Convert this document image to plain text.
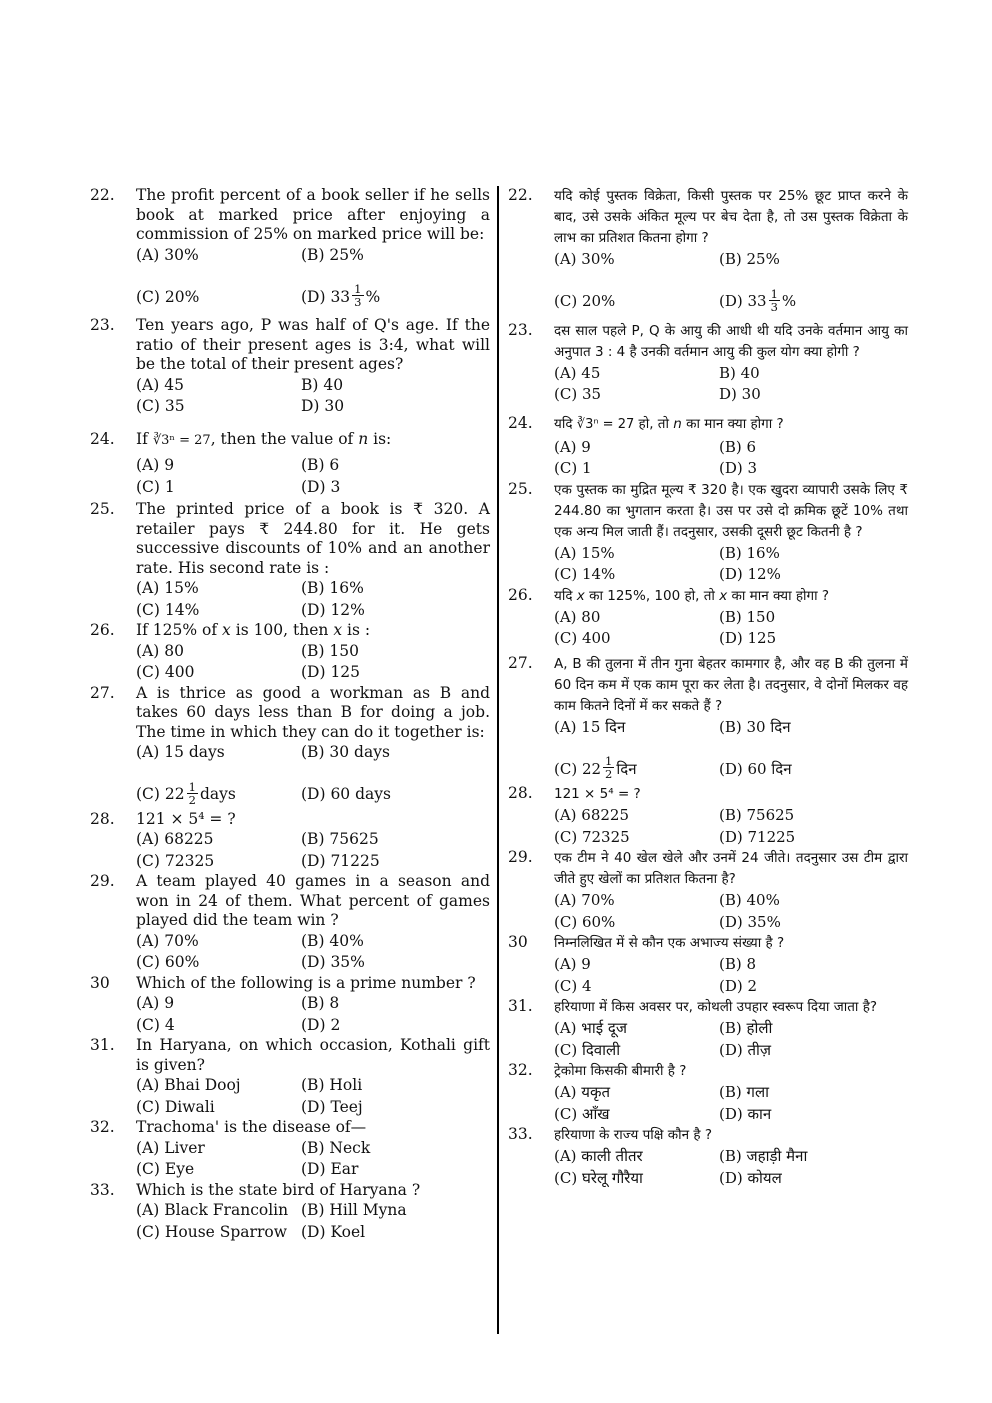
22. The profit percent of a book seller if he sells book at marked price after enjoying a commission of 25% on marked price will be:
(A) 30%	(B) 25%
(C) 20%	(D) $33 \frac{1}{3}$ %
23. Ten years ago, P was half of Q's age. If the ratio of their present ages is 3:4, what will be the total of their present ages?
(A) 45	B) 40
(C) 35	D) 30
24. If ∛3ⁿ = 27, then the value of n is:
(A) 9	(B) 6
(C) 1	(D) 3
25. The printed price of a book is ₹ 320. A retailer pays ₹ 244.80 for it. He gets successive discounts of 10% and an another rate. His second rate is :
(A) 15%	(B) 16%
(C) 14%	(D) 12%
26. If 125% of x is 100, then x is :
(A) 80	(B) 150
(C) 400	(D) 125
27. A is thrice as good a workman as B and takes 60 days less than B for doing a job. The time in which they can do it together is:
(A) 15 days	(B) 30 days
(C) $22 \frac{1}{2}$ days	(D) 60 days
28. 121 × 5⁴ = ?
(A) 68225	(B) 75625
(C) 72325	(D) 71225
29. A team played 40 games in a season and won in 24 of them. What percent of games played did the team win ?
(A) 70%	(B) 40%
(C) 60%	(D) 35%
30 Which of the following is a prime number ?
(A) 9	(B) 8
(C) 4	(D) 2
31. In Haryana, on which occasion, Kothali gift is given?
(A) Bhai Dooj	(B) Holi
(C) Diwali	(D) Teej
32. Trachoma' is the disease of—
(A) Liver	(B) Neck
(C) Eye	(D) Ear
33. Which is the state bird of Haryana ?
(A) Black Francolin (B) Hill Myna
(C) House Sparrow (D) Koel
22. यदि कोई पुस्तक विक्रेता, किसी पुस्तक पर 25% छूट प्राप्त करने के बाद, उसे उसके अंकित मूल्य पर बेच देता है, तो उस पुस्तक विक्रेता के लाभ का प्रतिशत कितना होगा ?
(A) 30%	(B) 25%
(C) 20%	(D) $33 \frac{1}{3}$ %
23. दस साल पहले P, Q के आयु की आधी थी यदि उनके वर्तमान आयु का अनुपात 3 : 4 है उनकी वर्तमान आयु की कुल योग क्या होगी ?
(A) 45	B) 40
(C) 35	D) 30
24. यदि ∛3ⁿ = 27 हो, तो n का मान क्या होगा ?
(A) 9	(B) 6
(C) 1	(D) 3
25. एक पुस्तक का मुद्रित मूल्य ₹ 320 है। एक खुदरा व्यापारी उसके लिए ₹ 244.80 का भुगतान करता है। उस पर उसे दो क्रमिक छूटें 10% तथा एक अन्य मिल जाती हैं। तदनुसार, उसकी दूसरी छूट कितनी है ?
(A) 15%	(B) 16%
(C) 14%	(D) 12%
26. यदि x का 125%, 100 हो, तो x का मान क्या होगा ?
(A) 80	(B) 150
(C) 400	(D) 125
27. A, B की तुलना में तीन गुना बेहतर कामगार है, और वह B की तुलना में 60 दिन कम में एक काम पूरा कर लेता है। तदनुसार, वे दोनों मिलकर वह काम कितने दिनों में कर सकते हैं ?
(A) 15 दिन	(B) 30 दिन
(C) $22 \frac{1}{2}$ दिन	(D) 60 दिन
28. 121 × 5⁴ = ?
(A) 68225	(B) 75625
(C) 72325	(D) 71225
29. एक टीम ने 40 खेल खेले और उनमें 24 जीते। तदनुसार उस टीम द्वारा जीते हुए खेलों का प्रतिशत कितना है?
(A) 70%	(B) 40%
(C) 60%	(D) 35%
30 निम्नलिखित में से कौन एक अभाज्य संख्या है ?
(A) 9	(B) 8
(C) 4	(D) 2
31. हरियाणा में किस अवसर पर, कोथली उपहार स्वरूप दिया जाता है?
(A) भाई दूज	(B) होली
(C) दिवाली	(D) तीज़
32. ट्रेकोमा किसकी बीमारी है ?
(A) यकृत	(B) गला
(C) आँख	(D) कान
33. हरियाणा के राज्य पक्षि कौन है ?
(A) काली तीतर	(B) जहाड़ी मैना
(C) घरेलू गौरैया	(D) कोयल
